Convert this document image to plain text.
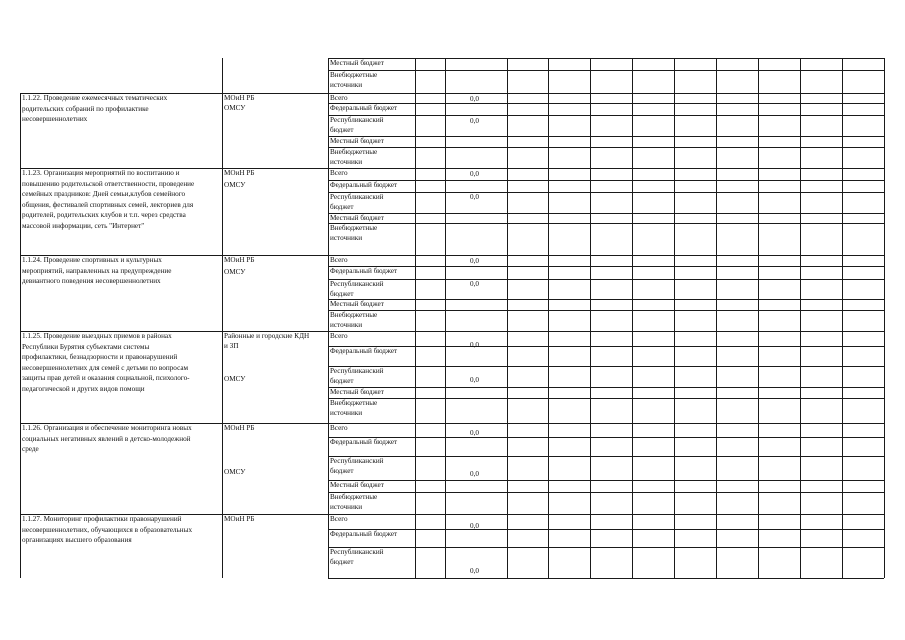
Местный бюджет
Внебюджетные
источники
Всего
Федеральный бюджет
Республиканский
бюджет
Местный бюджет
Внебюджетные
источники
Всего
Федеральный бюджет
Республиканский
бюджет
Местный бюджет
Внебюджетные
источники
Всего
Федеральный бюджет
Республиканский
бюджет
Местный бюджет
Внебюджетные
источники
Всего
Федеральный бюджет
Республиканский
бюджет
Местный бюджет
Внебюджетные
источники
Всего
Федеральный бюджет
Республиканский
бюджет
Местный бюджет
Внебюджетные
источники
Всего
Федеральный бюджет
Республиканский
бюджет
1.1.22. Проведение ежемесячных тематических
родительских собраний по профилактике
несовершеннолетних
МОиН РБ
ОМСУ
1.1.23. Организация мероприятий по воспитанию и
повышению родительской ответственности, проведение
семейных праздников: Дней семьи,клубов семейного
общения, фестивалей спортивных семей, лекториев для
родителей, родительских клубов и т.п. через средства
массовой информации, сеть "Интернет"
МОиН РБ
ОМСУ
1.1.24. Проведение спортивных и культурных
мероприятий, направленных на предупреждение
девиантного поведения несовершеннолетних
МОиН РБ
ОМСУ
1.1.25. Проведение выездных приемов в районах
Республики Бурятия субъектами системы
профилактики, безнадзорности и правонарушений
несовершеннолетних для семей с детьми по вопросам
защиты прав детей и оказания социальной, психолого-
педагогической и других видов помощи
Районные и городские КДН
и ЗП
ОМСУ
1.1.26. Организация и обеспечение мониторинга новых
социальных негативных явлений в детско-молодежной
среде
МОиН РБ
ОМСУ
1.1.27. Мониторинг профилактики правонарушений
несовершеннолетних, обучающихся в образовательных
организациях высшего образования
МОиН РБ
0,0
0,0
0,0
0,0
0,0
0,0
0,0
0,0
0,0
0,0
0,0
0,0
